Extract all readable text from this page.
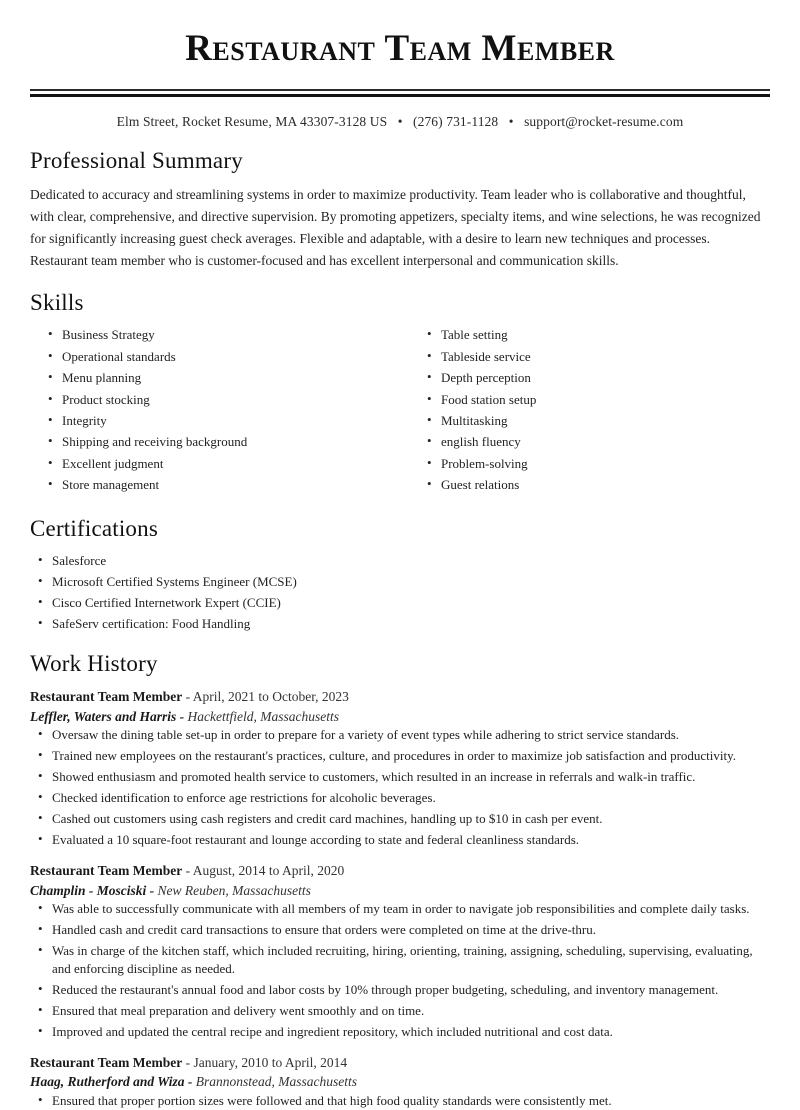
Restaurant Team Member
Elm Street, Rocket Resume, MA 43307-3128 US • (276) 731-1128 • support@rocket-resume.com
Professional Summary

Dedicated to accuracy and streamlining systems in order to maximize productivity. Team leader who is collaborative and thoughtful, with clear, comprehensive, and directive supervision. By promoting appetizers, specialty items, and wine selections, he was recognized for significantly increasing guest check averages. Flexible and adaptable, with a desire to learn new techniques and processes. Restaurant team member who is customer-focused and has excellent interpersonal and communication skills.

Skills
• Business Strategy
• Operational standards
• Menu planning
• Product stocking
• Integrity
• Shipping and receiving background
• Excellent judgment
• Store management
• Table setting
• Tableside service
• Depth perception
• Food station setup
• Multitasking
• english fluency
• Problem-solving
• Guest relations
Certifications
• Salesforce
• Microsoft Certified Systems Engineer (MCSE)
• Cisco Certified Internetwork Expert (CCIE)
• SafeServ certification: Food Handling
Work History
Restaurant Team Member - April, 2021 to October, 2023
Leffler, Waters and Harris - Hackettfield, Massachusetts
• Oversaw the dining table set-up in order to prepare for a variety of event types while adhering to strict service standards.
• Trained new employees on the restaurant's practices, culture, and procedures in order to maximize job satisfaction and productivity.
• Showed enthusiasm and promoted health service to customers, which resulted in an increase in referrals and walk-in traffic.
• Checked identification to enforce age restrictions for alcoholic beverages.
• Cashed out customers using cash registers and credit card machines, handling up to $10 in cash per event.
• Evaluated a 10 square-foot restaurant and lounge according to state and federal cleanliness standards.
Restaurant Team Member - August, 2014 to April, 2020
Champlin - Mosciski - New Reuben, Massachusetts
• Was able to successfully communicate with all members of my team in order to navigate job responsibilities and complete daily tasks.
• Handled cash and credit card transactions to ensure that orders were completed on time at the drive-thru.
• Was in charge of the kitchen staff, which included recruiting, hiring, orienting, training, assigning, scheduling, supervising, evaluating, and enforcing discipline as needed.
• Reduced the restaurant's annual food and labor costs by 10% through proper budgeting, scheduling, and inventory management.
• Ensured that meal preparation and delivery went smoothly and on time.
• Improved and updated the central recipe and ingredient repository, which included nutritional and cost data.
Restaurant Team Member - January, 2010 to April, 2014
Haag, Rutherford and Wiza - Brannonstead, Massachusetts
• Ensured that proper portion sizes were followed and that high food quality standards were consistently met.
